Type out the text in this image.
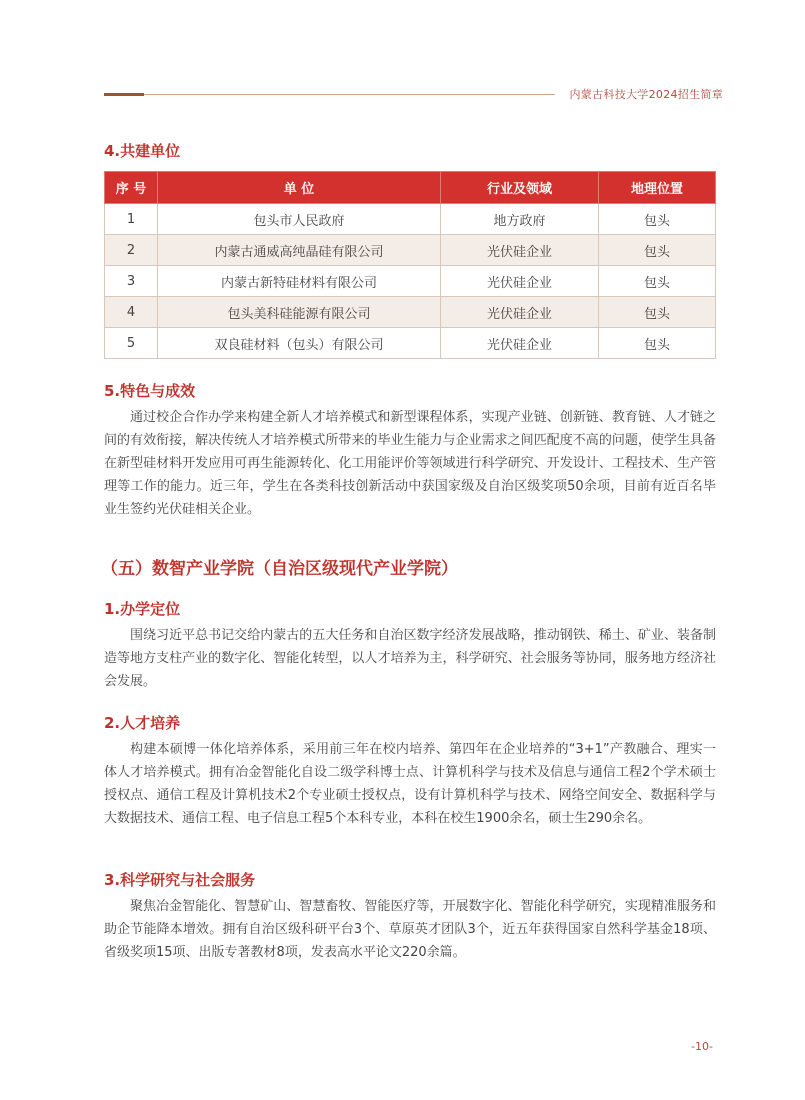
内蒙古科技大学2024招生简章
4.共建单位
序 号	单 位	行业及领域	地理位置
1	包头市人民政府	地方政府	包头
2	内蒙古通威高纯晶硅有限公司	光伏硅企业	包头
3	内蒙古新特硅材料有限公司	光伏硅企业	包头
4	包头美科硅能源有限公司	光伏硅企业	包头
5	双良硅材料（包头）有限公司	光伏硅企业	包头
5.特色与成效

通过校企合作办学来构建全新人才培养模式和新型课程体系，实现产业链、创新链、教育链、人才链之间的有效衔接，解决传统人才培养模式所带来的毕业生能力与企业需求之间匹配度不高的问题，使学生具备在新型硅材料开发应用可再生能源转化、化工用能评价等领域进行科学研究、开发设计、工程技术、生产管理等工作的能力。近三年，学生在各类科技创新活动中获国家级及自治区级奖项50余项，目前有近百名毕业生签约光伏硅相关企业。

（五）数智产业学院（自治区级现代产业学院）
1.办学定位

围绕习近平总书记交给内蒙古的五大任务和自治区数字经济发展战略，推动钢铁、稀土、矿业、装备制造等地方支柱产业的数字化、智能化转型，以人才培养为主，科学研究、社会服务等协同，服务地方经济社会发展。

2.人才培养

构建本硕博一体化培养体系，采用前三年在校内培养、第四年在企业培养的“3+1”产教融合、理实一体人才培养模式。拥有冶金智能化自设二级学科博士点、计算机科学与技术及信息与通信工程2个学术硕士授权点、通信工程及计算机技术2个专业硕士授权点，设有计算机科学与技术、网络空间安全、数据科学与大数据技术、通信工程、电子信息工程5个本科专业，本科在校生1900余名，硕士生290余名。

3.科学研究与社会服务

聚焦冶金智能化、智慧矿山、智慧畜牧、智能医疗等，开展数字化、智能化科学研究，实现精准服务和助企节能降本增效。拥有自治区级科研平台3个、草原英才团队3个，近五年获得国家自然科学基金18项、省级奖项15项、出版专著教材8项，发表高水平论文220余篇。

-10-
